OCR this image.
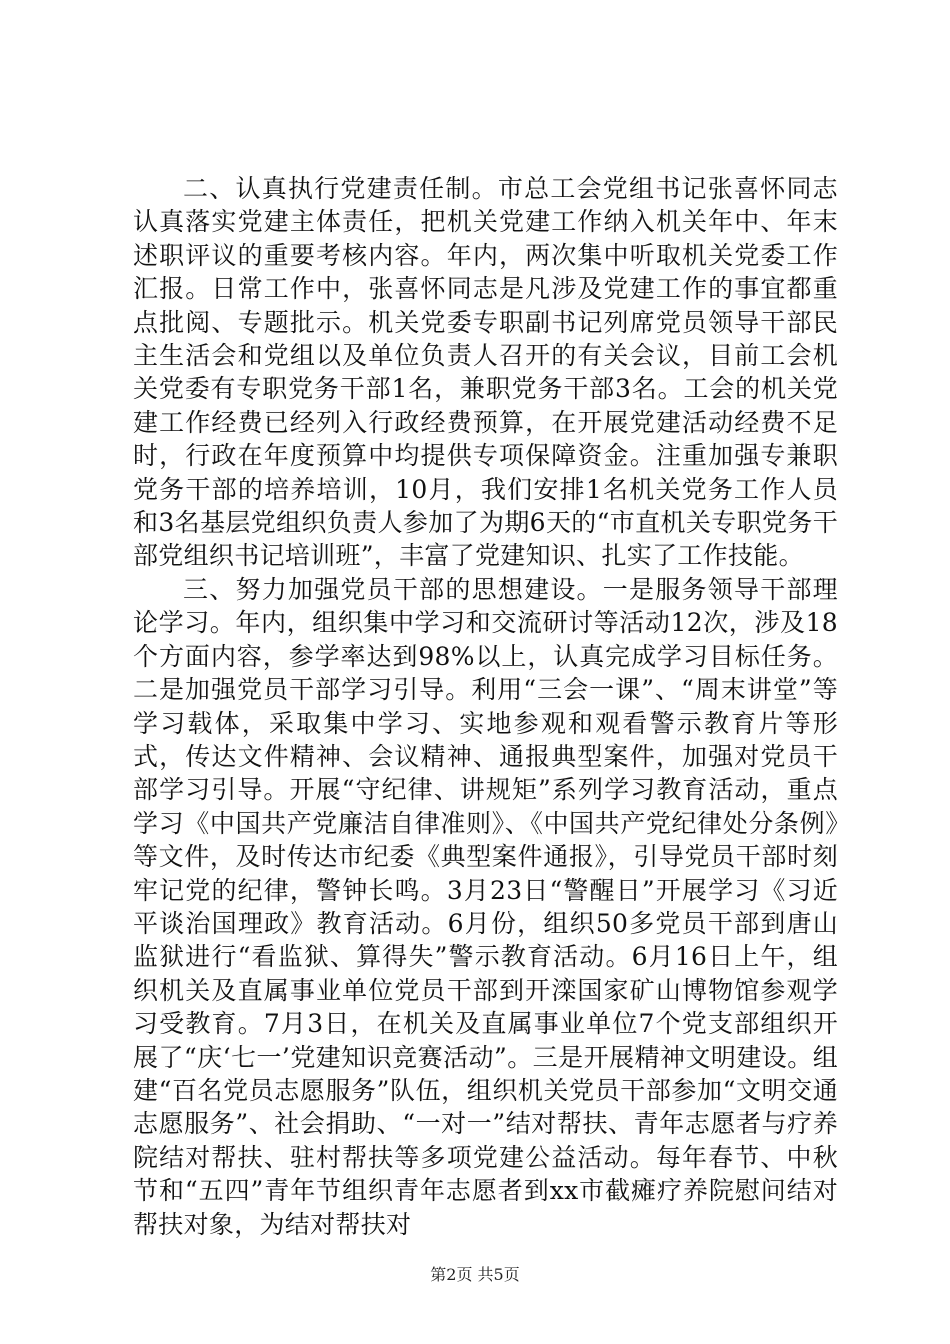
二、认真执行党建责任制。市总工会党组书记张喜怀同志认真落实党建主体责任，把机关党建工作纳入机关年中、年末述职评议的重要考核内容。年内，两次集中听取机关党委工作汇报。日常工作中，张喜怀同志是凡涉及党建工作的事宜都重点批阅、专题批示。机关党委专职副书记列席党员领导干部民主生活会和党组以及单位负责人召开的有关会议，目前工会机关党委有专职党务干部1名，兼职党务干部3名。工会的机关党建工作经费已经列入行政经费预算，在开展党建活动经费不足时，行政在年度预算中均提供专项保障资金。注重加强专兼职党务干部的培养培训，10月，我们安排1名机关党务工作人员和3名基层党组织负责人参加了为期6天的“市直机关专职党务干部党组织书记培训班”，丰富了党建知识、扎实了工作技能。

三、努力加强党员干部的思想建设。一是服务领导干部理论学习。年内，组织集中学习和交流研讨等活动12次，涉及18个方面内容，参学率达到98%以上，认真完成学习目标任务。二是加强党员干部学习引导。利用“三会一课”、“周末讲堂”等学习载体，采取集中学习、实地参观和观看警示教育片等形式，传达文件精神、会议精神、通报典型案件，加强对党员干部学习引导。开展“守纪律、讲规矩”系列学习教育活动，重点学习《中国共产党廉洁自律准则》、《中国共产党纪律处分条例》等文件，及时传达市纪委《典型案件通报》，引导党员干部时刻牢记党的纪律，警钟长鸣。3月23日“警醒日”开展学习《习近平谈治国理政》教育活动。6月份，组织50多党员干部到唐山监狱进行“看监狱、算得失”警示教育活动。6月16日上午，组织机关及直属事业单位党员干部到开滦国家矿山博物馆参观学习受教育。7月3日，在机关及直属事业单位7个党支部组织开展了“庆‘七一’党建知识竞赛活动”。三是开展精神文明建设。组建“百名党员志愿服务”队伍，组织机关党员干部参加“文明交通志愿服务”、社会捐助、“一对一”结对帮扶、青年志愿者与疗养院结对帮扶、驻村帮扶等多项党建公益活动。每年春节、中秋节和“五四”青年节组织青年志愿者到xx市截瘫疗养院慰问结对帮扶对象，为结对帮扶对

第2页 共5页
